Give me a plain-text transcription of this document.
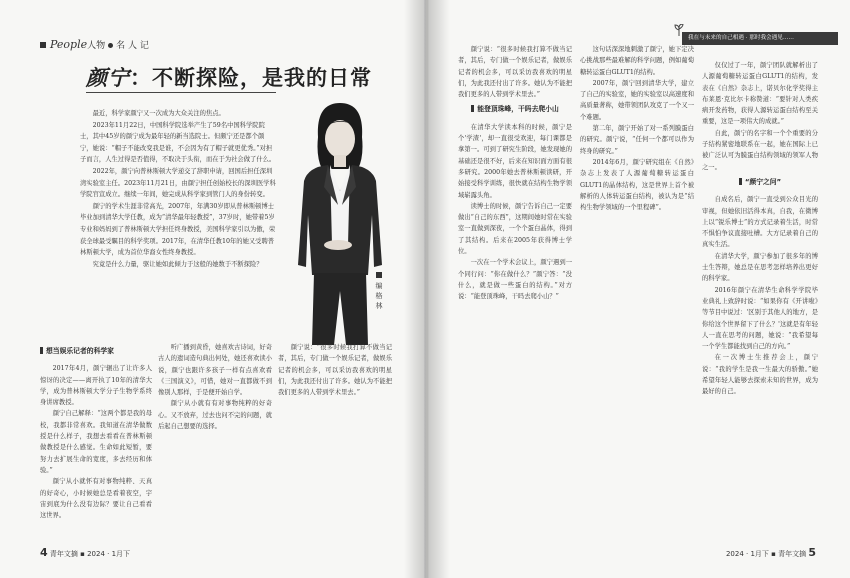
People人物 名 人 记
颜宁：不断探险，是我的日常

最近，科学家颜宁又一次成为大众关注的焦点。

2023年11月22日，中国科学院选举产生了59名中国科学院院士，其中45岁的颜宁成为最年轻的新当选院士。但颇宁还是都个颜宁，她说：“帽子不能改变我是谁，不会因为有了帽子就更优秀。”对担子而言，人生过得是否值得，不取决于头衔，而在于为社会做了什么。

2022年，颜宁向普林斯顿大学递交了辞职申请，回国后担任深圳湾实验室主任。2023年11月21日，由颜宁担任创始校长的深圳医学科学院官宣成立。继续一年间，她完成从科学家到管门人的身份转变。

颜宁的学术生涯非常高光，2007年，年满30岁即从普林斯顿博士毕业加到清华大学任教，成为“清华最年轻教授”，37岁时，她带着5岁专业和妈妈到了普林斯顿大学担任终身教授，美国科学家引以为傲，荣获全球最受瞩目的科学奖项。2017年，在清华任教10年的她又受聘普林斯顿大学，成为首位华裔女性终身教授。

究竟是什么力量，驱让她如此倾力于这般的她数于不断探险？

编
格 林
想当娱乐记者的科学家

2017年4月，颜宁辗出了让许多人惊讶的决定——离开执了10年的清华大学，成为普林斯顿大学分子生物学系终身讲席教授。

颜宁自己解释：“这两个都是我的母校，我都非常喜欢。我知道在清华做数授是什么样子，我想去看看在普林斯顿做教授是什么感觉。生命如此短暂，要努力去扩展生命的宽度，多去经历和体验。”

颜宁从小就怀有对事物纯粹、天真的好奇心，小时候她总是看着夜空，宇宙到底为什么没有边际？要让自己看看这世界。

听广播到黄昏，她喜欢古诗词，好奇古人的遗词造句典出何处，她还喜欢读小说，颜宁也跟许多孩子一样有点喜欢看《三国演义》，可惜，她对一直都做不到像别人那样，于是便开始自学。

颜宁从小就有有对事物纯粹的好奇心。又不放弃，过去也问不完的问题，就后起自己想要的选择。

颜宁说：“很多时候我打算不做当记者，其后，专门做一个娱乐记者，做娱乐记者的机会多，可以采访我喜欢的明星们，为此我还付出了许多。她认为不能把我们更多的人带到学术里去。”

4 青年文摘 ▪ 2024 · 1月下
我在与未来的自己相遇 · 那时我会遇见……

颜宁说：“很多时候我打算不做当记者，其后，专门做一个娱乐记者，做娱乐记者的机会多，可以采访我喜欢的明星们，为此我还付出了许多。她认为不能把我们更多的人带到学术里去。”

能登顶珠峰，干吗去爬小山

在清华大学读本科的时候，颜宁是个'学渣'，却一直很受欢迎，每门课都是拿第一。可到了研究生阶段，她发现她的基础还是很不好，后来在知识面方面有很多研究。2000年她去普林斯顿读研，开始接受科学训练，很快就在结构生物学领域崭露头角。

读博士的时候，颜宁告诉自己一定要做出“自己的东西”，这期间她时常在实验室一直做到深夜，一个个蛋白晶体，得到了其结构。后来在2005年获得博士学位。

一次在一个学术会议上，颜宁遇到一个同行问：“你在做什么？”颜宁答：“没什么，就是做一些蛋白的结构。”对方说：“能登顶珠峰，干吗去爬小山？”

这句话深深地刺激了颜宁，她下定决心挑战那些最难解的科学问题，例如葡萄糖转运蛋白GLUT1的结构。

2007年，颜宁回到清华大学，建立了自己的实验室，她的实验室以高速度和高质量著称，她带领团队攻克了一个又一个难题。

第二年，颜宁开始了对一系列膜蛋白的研究。颜宁说，“任何一个都可以作为终身的研究。”

2014年6月，颜宁研究组在《自然》杂志上发表了人源葡萄糖转运蛋白GLUT1的晶体结构，这是世界上首个被解析的人体转运蛋白结构，被认为是“结构生物学领域的一个里程碑”。

仅仅过了一年，颜宁团队就解析出了人源葡萄糖转运蛋白GLUT1的结构，发表在《自然》杂志上，诺贝尔化学奖得主布莱恩·克比尔卡称赞道：“要针对人类疾病开发药物，获得人源转运蛋白结构至关重要，这是一项伟大的成就。”

自此，颜宁的名字和一个个重要的分子结构紧密地联系在一起，她在国际上已被广泛认可为膜蛋白结构领域的领军人物之一。

“颜宁之问”

自成名后，颜宁一直受到公众目光的审视，但她依旧活得本真，自我，在微博上以“锐乐博士”的方式记录着生活，时常不惧怕争议直接吐槽。大方记录着自己的真实生活。

在清华大学，颜宁参加了很多年的博士生答辩，她总是在思考怎样培养出更好的科学家。

2016年颜宁在清华生命科学学院毕业典礼上致辞时说：“如果你有《开讲啦》等节目中说过：'区别于其他人的地方，是你给这个世界留下了什么？'这就是有年轻人一直在思考的问题，她说：“我希望每一个学生都能找到自己的方向。”

在一次博士生推荐会上，颜宁说：“我的学生是我一生最大的骄傲。”她希望年轻人能够去探索未知的世界，成为最好的自己。

2024 · 1月下 ▪ 青年文摘 5
